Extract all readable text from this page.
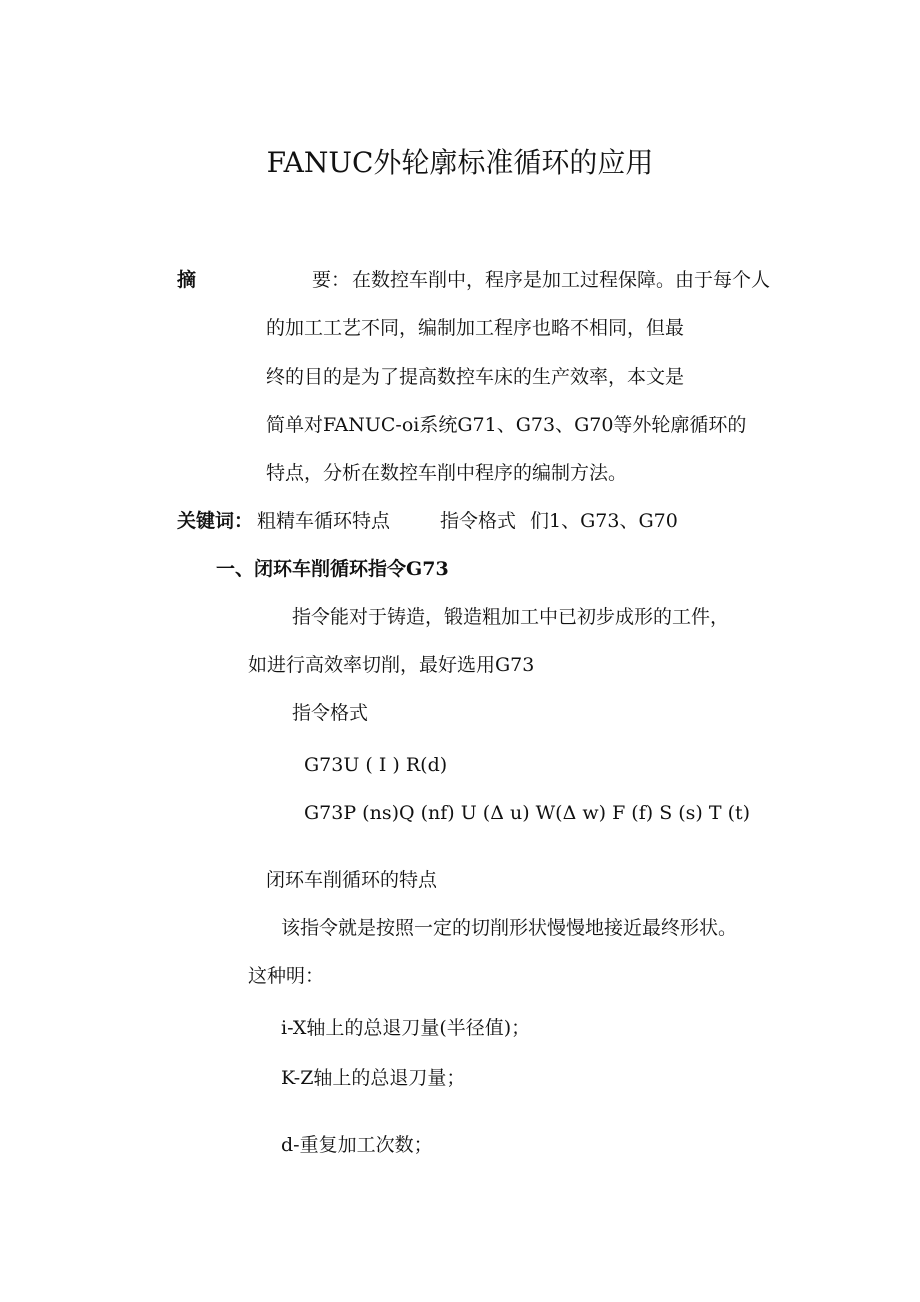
FANUC外轮廓标准循环的应用
摘	要： 在数控车削中，程序是加工过程保障。由于每个人
的加工工艺不同，编制加工程序也略不相同，但最
终的目的是为了提高数控车床的生产效率，本文是
简单对FANUC-oi系统G71、G73、G70等外轮廓循环的
特点，分析在数控车削中程序的编制方法。
关键词： 粗精车循环特点	指令格式 们1、G73、G70
一、闭环车削循环指令G73
指令能对于铸造，锻造粗加工中已初步成形的工件，
如进行高效率切削，最好选用G73
指令格式
G73U ( I ) R(d)
G73P (ns)Q (nf) U (Δ u) W(Δ w) F (f) S (s) T (t)
闭环车削循环的特点
该指令就是按照一定的切削形状慢慢地接近最终形状。
这种明：
i-X轴上的总退刀量(半径值)；
K-Z轴上的总退刀量；
d-重复加工次数；
